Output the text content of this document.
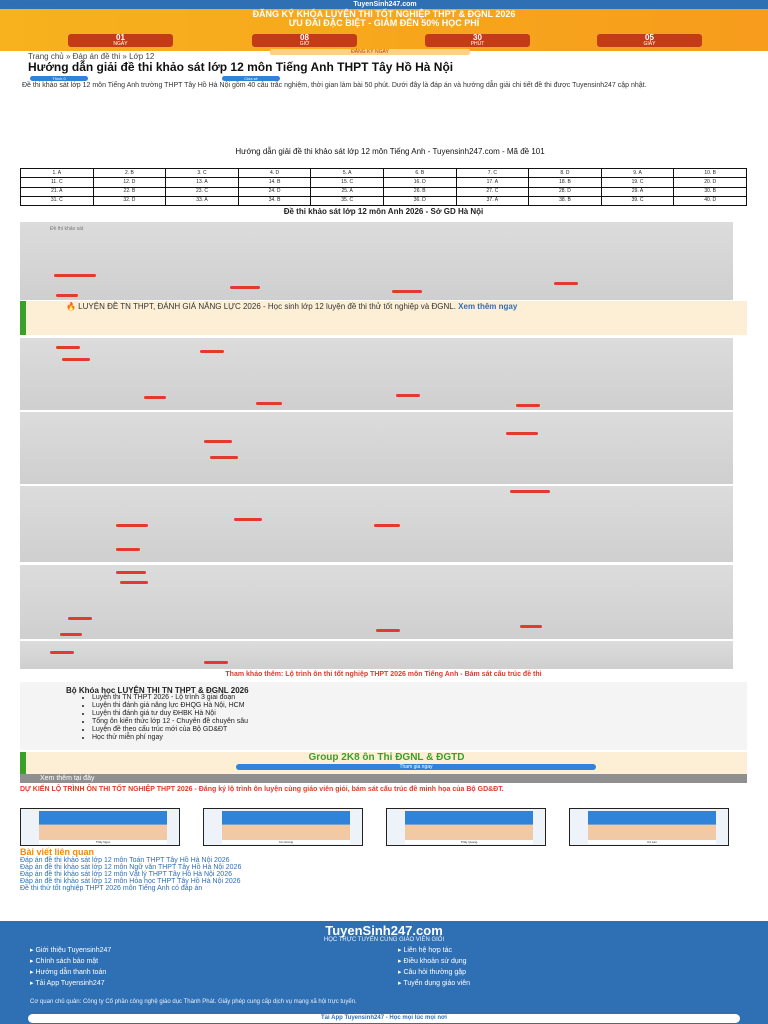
Học tốt hơn mỗi ngày	TuyenSinh247.com
ĐĂNG KÝ KHÓA LUYỆN THI TỐT NGHIỆP THPT & ĐGNL 2026
ƯU ĐÃI ĐẶC BIỆT - GIẢM ĐẾN 50% HỌC PHÍ
01
NGÀY
08
GIỜ
30
PHÚT
05
GIÂY
ĐĂNG KÝ NGAY
Trang chủ » Đáp án đề thi » Lớp 12
Hướng dẫn giải đề thi khảo sát lớp 12 môn Tiếng Anh THPT Tây Hồ Hà Nội
Thích 0	Chia sẻ
Đề thi khảo sát lớp 12 môn Tiếng Anh trường THPT Tây Hồ Hà Nội gồm 40 câu trắc nghiệm, thời gian làm bài 50 phút. Dưới đây là đáp án và hướng dẫn giải chi tiết đề thi được Tuyensinh247 cập nhật.
Hướng dẫn giải đề thi khảo sát lớp 12 môn Tiếng Anh - Tuyensinh247.com - Mã đề 101
1. A	2. B	3. C	4. D	5. A	6. B	7. C	8. D	9. A	10. B
11. C	12. D	13. A	14. B	15. C	16. D	17. A	18. B	19. C	20. D
21. A	22. B	23. C	24. D	25. A	26. B	27. C	28. D	29. A	30. B
31. C	32. D	33. A	34. B	35. C	36. D	37. A	38. B	39. C	40. D
Đề thi khảo sát lớp 12 môn Anh 2026 - Sở GD Hà Nội
Đề thi khảo sát
🔥 LUYỆN ĐỀ TN THPT, ĐÁNH GIÁ NĂNG LỰC 2026 - Học sinh lớp 12 luyện đề thi thử tốt nghiệp và ĐGNL. Xem thêm ngay
Tham khảo thêm: Lộ trình ôn thi tốt nghiệp THPT 2026 môn Tiếng Anh - Bám sát cấu trúc đề thi
Bộ Khóa học LUYỆN THI TN THPT & ĐGNL 2026
• Luyện thi TN THPT 2026 - Lộ trình 3 giai đoạn
• Luyện thi đánh giá năng lực ĐHQG Hà Nội, HCM
• Luyện thi đánh giá tư duy ĐHBK Hà Nội
• Tổng ôn kiến thức lớp 12 - Chuyên đề chuyên sâu
• Luyện đề theo cấu trúc mới của Bộ GD&ĐT
• Học thử miễn phí ngay
Group 2K8 ôn Thi ĐGNL & ĐGTD
Tham gia ngay
Xem thêm tại đây
DỰ KIẾN LỘ TRÌNH ÔN THI TỐT NGHIỆP THPT 2026 - Đăng ký lộ trình ôn luyện cùng giáo viên giỏi, bám sát cấu trúc đề minh họa của Bộ GD&ĐT.
Thầy Ngọc	Cô Hương	Thầy Quang	Cô Lan
Bài viết liên quan
Đáp án đề thi khảo sát lớp 12 môn Toán THPT Tây Hồ Hà Nội 2026
Đáp án đề thi khảo sát lớp 12 môn Ngữ văn THPT Tây Hồ Hà Nội 2026
Đáp án đề thi khảo sát lớp 12 môn Vật lý THPT Tây Hồ Hà Nội 2026
Đáp án đề thi khảo sát lớp 12 môn Hóa học THPT Tây Hồ Hà Nội 2026
Đề thi thử tốt nghiệp THPT 2026 môn Tiếng Anh có đáp án
TuyenSinh247.com
HỌC TRỰC TUYẾN CÙNG GIÁO VIÊN GIỎI
▸ Giới thiệu Tuyensinh247
▸ Chính sách bảo mật
▸ Hướng dẫn thanh toán
▸ Tải App Tuyensinh247
▸ Liên hệ hợp tác
▸ Điều khoản sử dụng
▸ Câu hỏi thường gặp
▸ Tuyển dụng giáo viên
Cơ quan chủ quản: Công ty Cổ phần công nghệ giáo dục Thành Phát. Giấy phép cung cấp dịch vụ mạng xã hội trực tuyến.
Tải App Tuyensinh247 - Học mọi lúc mọi nơi
